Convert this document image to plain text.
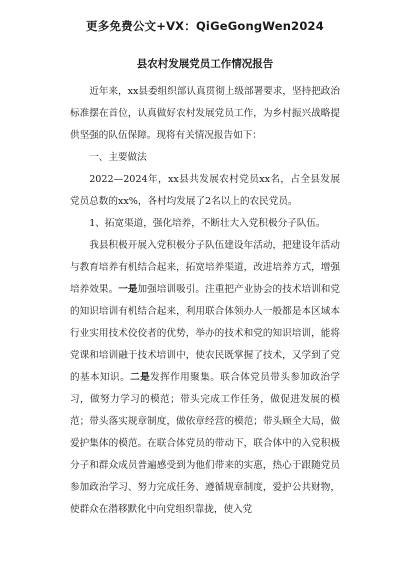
更多免费公文+VX：QiGeGongWen2024
县农村发展党员工作情况报告

近年来，xx县委组织部认真贯彻上级部署要求，坚持把政治标准摆在首位，认真做好农村发展党员工作，为乡村振兴战略提供坚强的队伍保障。现将有关情况报告如下：

一、主要做法

2022—2024年，xx县共发展农村党员xx名，占全县发展党员总数的xx%，各村均发展了2名以上的农民党员。

1、拓宽渠道，强化培养，不断壮大入党积极分子队伍。

我县积极开展入党积极分子队伍建设年活动，把建设年活动与教育培养有机结合起来，拓宽培养渠道，改进培养方式，增强培养效果。一是加强培训吸引。注重把产业协会的技术培训和党的知识培训有机结合起来，利用联合体领办人一般都是本区域本行业实用技术佼佼者的优势，举办的技术和党的知识培训，能将党课和培训融于技术培训中，使农民既掌握了技术，又学到了党的基本知识。二是发挥作用聚集。联合体党员带头参加政治学习，做努力学习的模范；带头完成工作任务，做促进发展的模范；带头落实规章制度，做依章经营的模范；带头顾全大局，做爱护集体的模范。在联合体党员的带动下，联合体中的入党积极分子和群众成员普遍感受到为他们带来的实惠，热心于跟随党员参加政治学习、努力完成任务、遵循规章制度，爱护公共财物，使群众在潜移默化中向党组织靠拢，使入党
